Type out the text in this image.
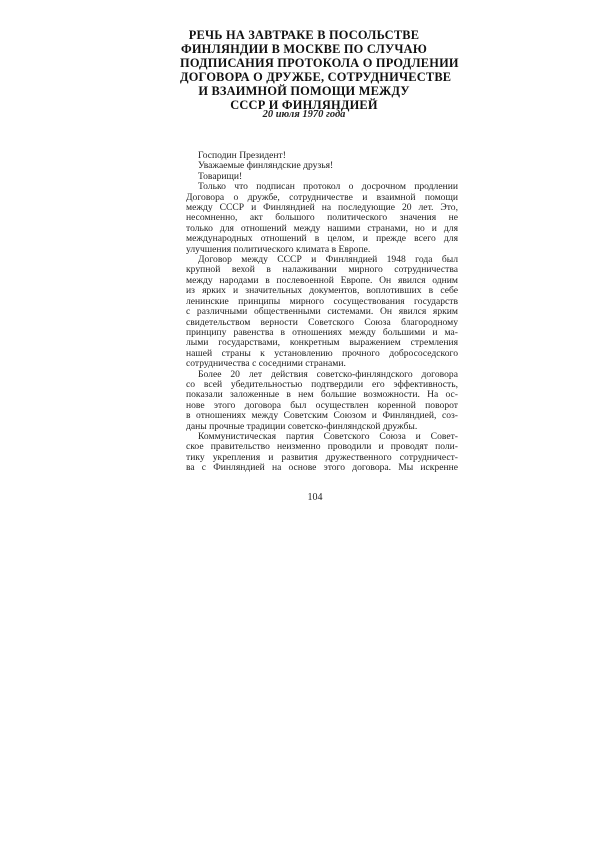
РЕЧЬ НА ЗАВТРАКЕ В ПОСОЛЬСТВЕ
ФИНЛЯНДИИ В МОСКВЕ ПО СЛУЧАЮ
ПОДПИСАНИЯ ПРОТОКОЛА О ПРОДЛЕНИИ
ДОГОВОРА О ДРУЖБЕ, СОТРУДНИЧЕСТВЕ
И ВЗАИМНОЙ ПОМОЩИ МЕЖДУ
СССР И ФИНЛЯНДИЕЙ
20 июля 1970 года
Господин Президент!
Уважаемые финляндские друзья!
Товарищи!
Только что подписан протокол о досрочном продлении
Договора о дружбе, сотрудничестве и взаимной помощи
между СССР и Финляндией на последующие 20 лет. Это,
несомненно, акт большого политического значения не
только для отношений между нашими странами, но и для
международных отношений в целом, и прежде всего для
улучшения политического климата в Европе.
Договор между СССР и Финляндией 1948 года был
крупной вехой в налаживании мирного сотрудничества
между народами в послевоенной Европе. Он явился одним
из ярких и значительных документов, воплотивших в себе
ленинские принципы мирного сосуществования государств
с различными общественными системами. Он явился ярким
свидетельством верности Советского Союза благородному
принципу равенства в отношениях между большими и ма-
лыми государствами, конкретным выражением стремления
нашей страны к установлению прочного добрососедского
сотрудничества с соседними странами.
Более 20 лет действия советско-финляндского договора
со всей убедительностью подтвердили его эффективность,
показали заложенные в нем большие возможности. На ос-
нове этого договора был осуществлен коренной поворот
в отношениях между Советским Союзом и Финляндией, соз-
даны прочные традиции советско-финляндской дружбы.
Коммунистическая партия Советского Союза и Совет-
ское правительство неизменно проводили и проводят поли-
тику укрепления и развития дружественного сотрудничест-
ва с Финляндией на основе этого договора. Мы искренне
104
